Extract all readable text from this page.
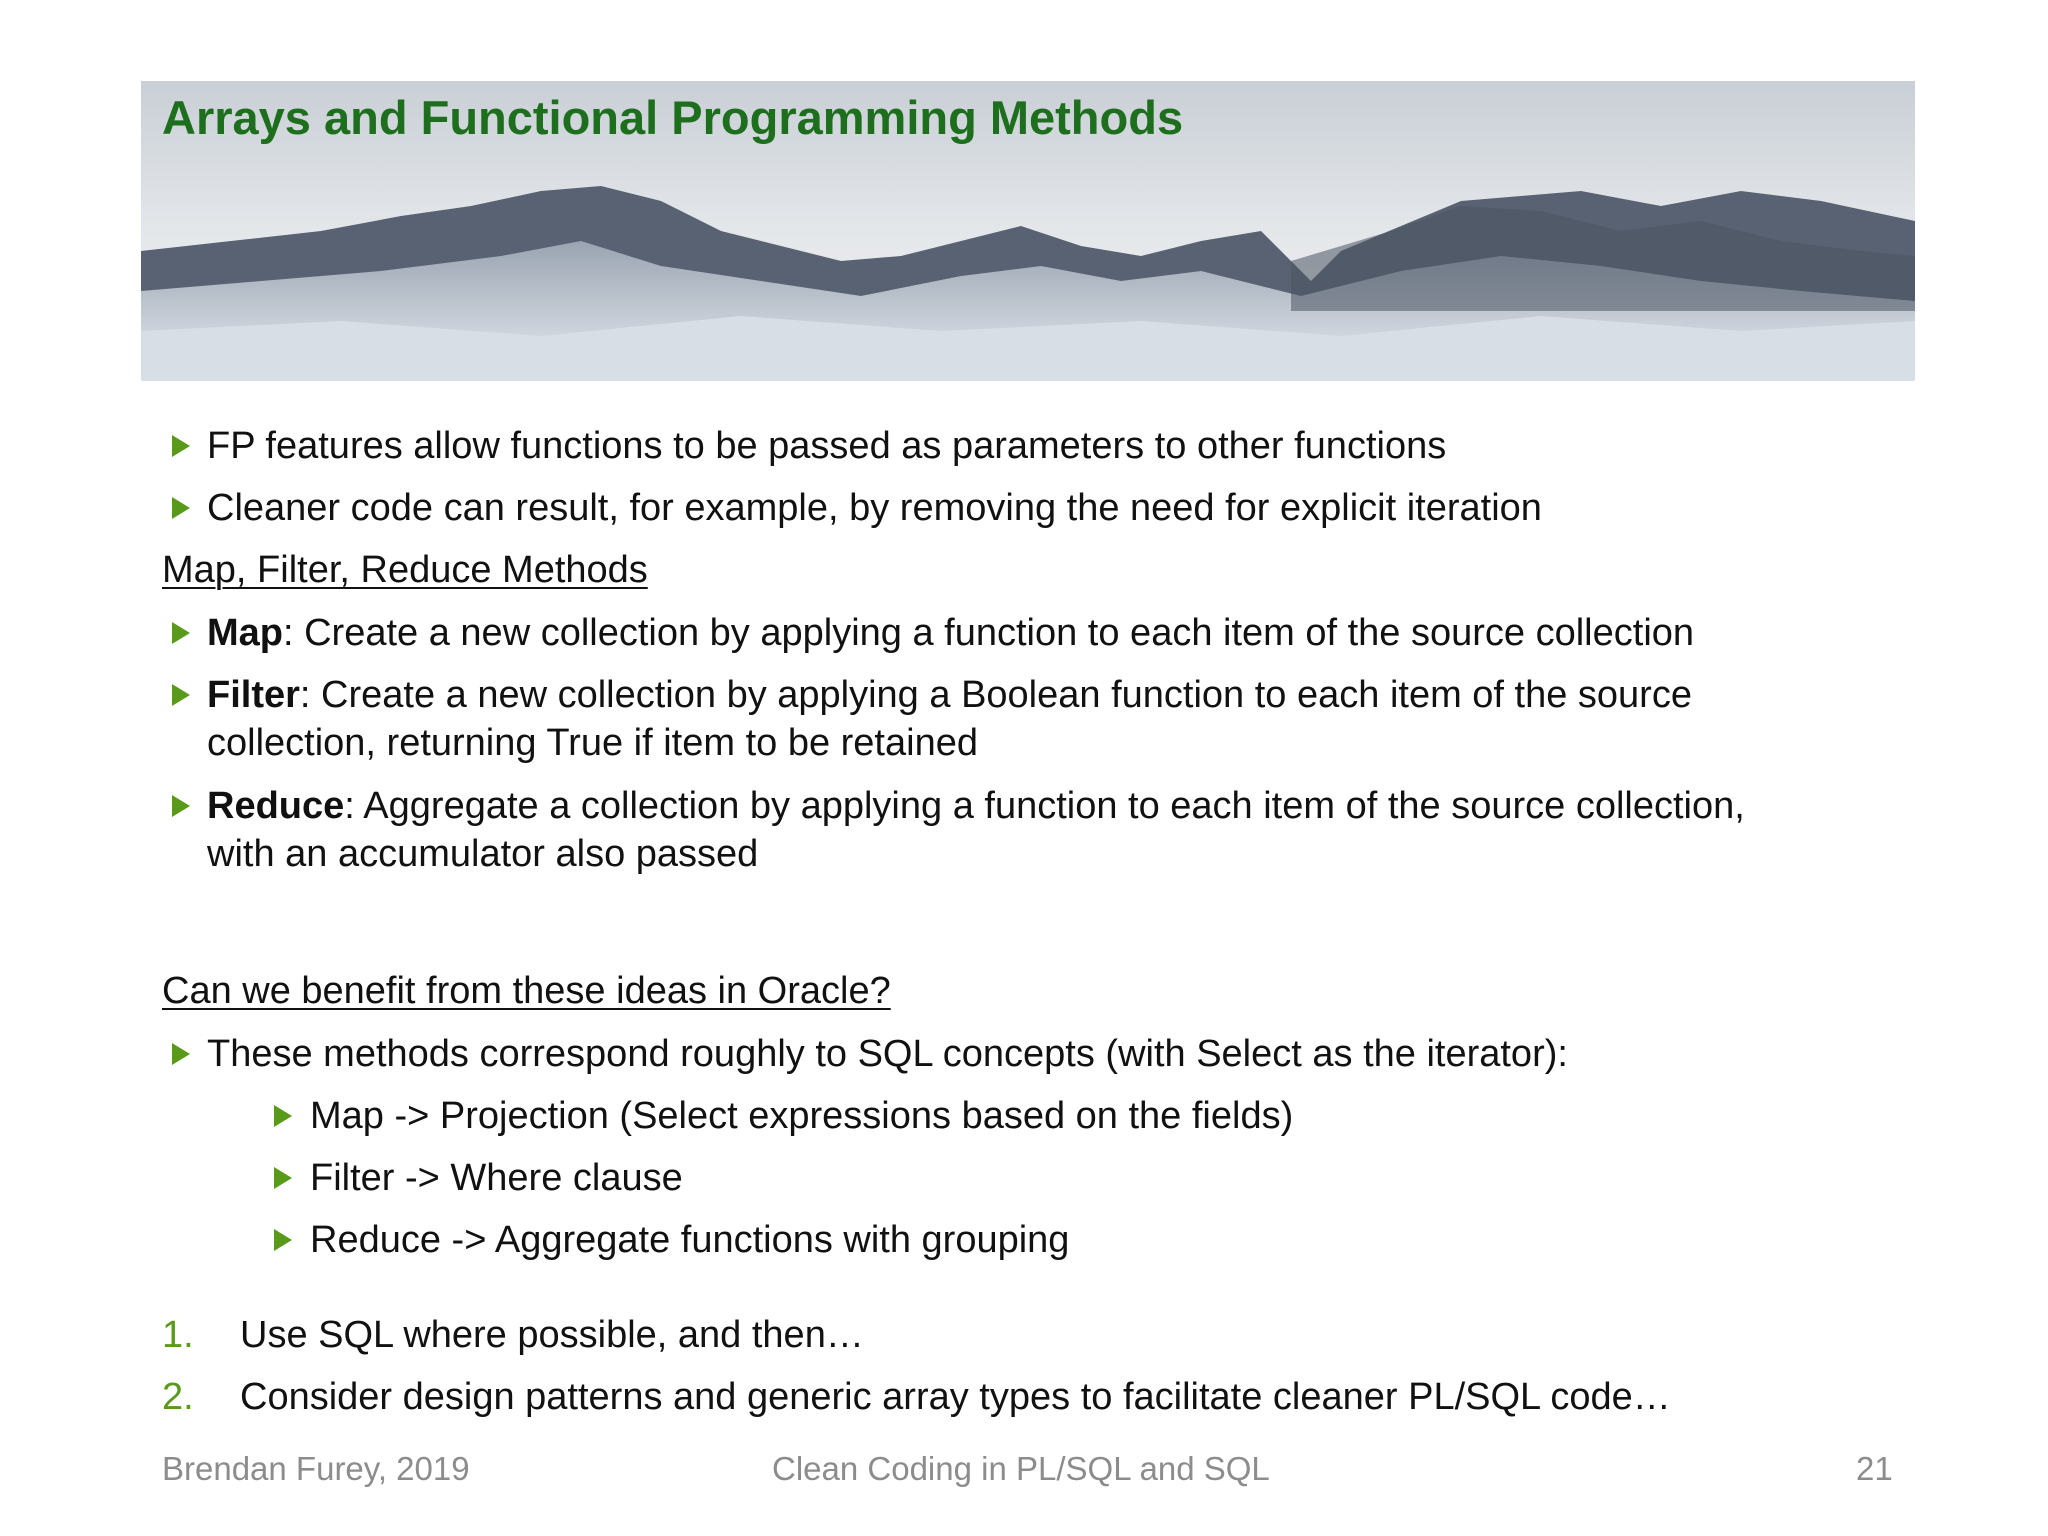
Arrays and Functional Programming Methods
FP features allow functions to be passed as parameters to other functions
Cleaner code can result, for example, by removing the need for explicit iteration
Map, Filter, Reduce Methods
Map: Create a new collection by applying a function to each item of the source collection
Filter: Create a new collection by applying a Boolean function to each item of the source
collection, returning True if item to be retained
Reduce: Aggregate a collection by applying a function to each item of the source collection,
with an accumulator also passed
Can we benefit from these ideas in Oracle?
These methods correspond roughly to SQL concepts (with Select as the iterator):
Map -> Projection (Select expressions based on the fields)
Filter -> Where clause
Reduce -> Aggregate functions with grouping
1. Use SQL where possible, and then…
2. Consider design patterns and generic array types to facilitate cleaner PL/SQL code…
Brendan Furey, 2019	Clean Coding in PL/SQL and SQL	21
